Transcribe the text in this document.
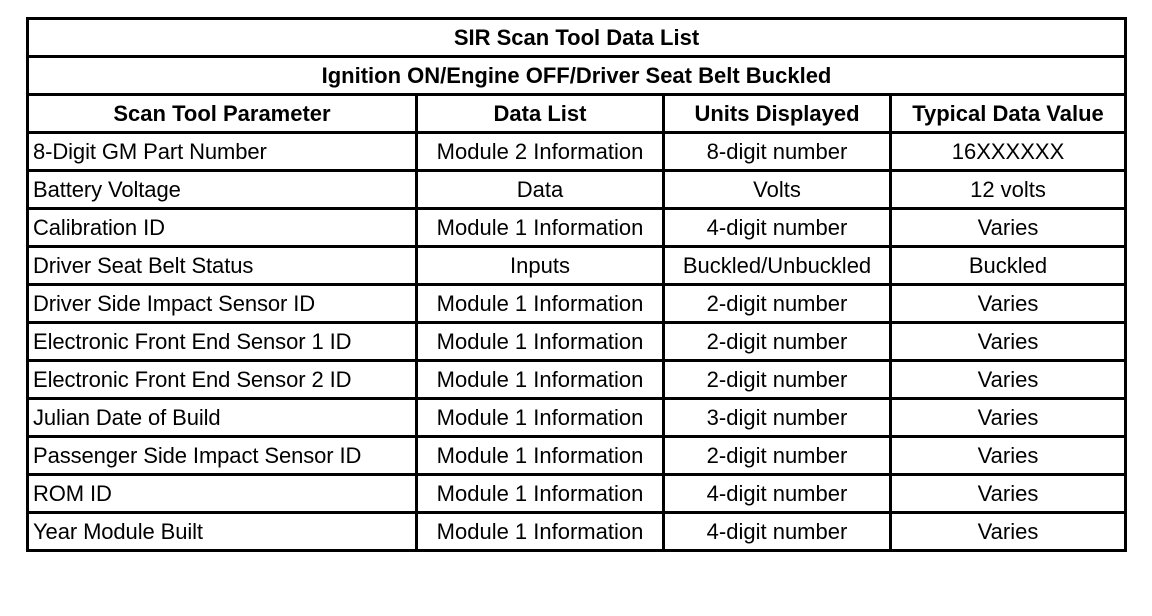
SIR Scan Tool Data List			
Ignition ON/Engine OFF/Driver Seat Belt Buckled			
Scan Tool Parameter	Data List	Units Displayed	Typical Data Value
8-Digit GM Part Number	Module 2 Information	8-digit number	16XXXXXX
Battery Voltage	Data	Volts	12 volts
Calibration ID	Module 1 Information	4-digit number	Varies
Driver Seat Belt Status	Inputs	Buckled/Unbuckled	Buckled
Driver Side Impact Sensor ID	Module 1 Information	2-digit number	Varies
Electronic Front End Sensor 1 ID	Module 1 Information	2-digit number	Varies
Electronic Front End Sensor 2 ID	Module 1 Information	2-digit number	Varies
Julian Date of Build	Module 1 Information	3-digit number	Varies
Passenger Side Impact Sensor ID	Module 1 Information	2-digit number	Varies
ROM ID	Module 1 Information	4-digit number	Varies
Year Module Built	Module 1 Information	4-digit number	Varies
